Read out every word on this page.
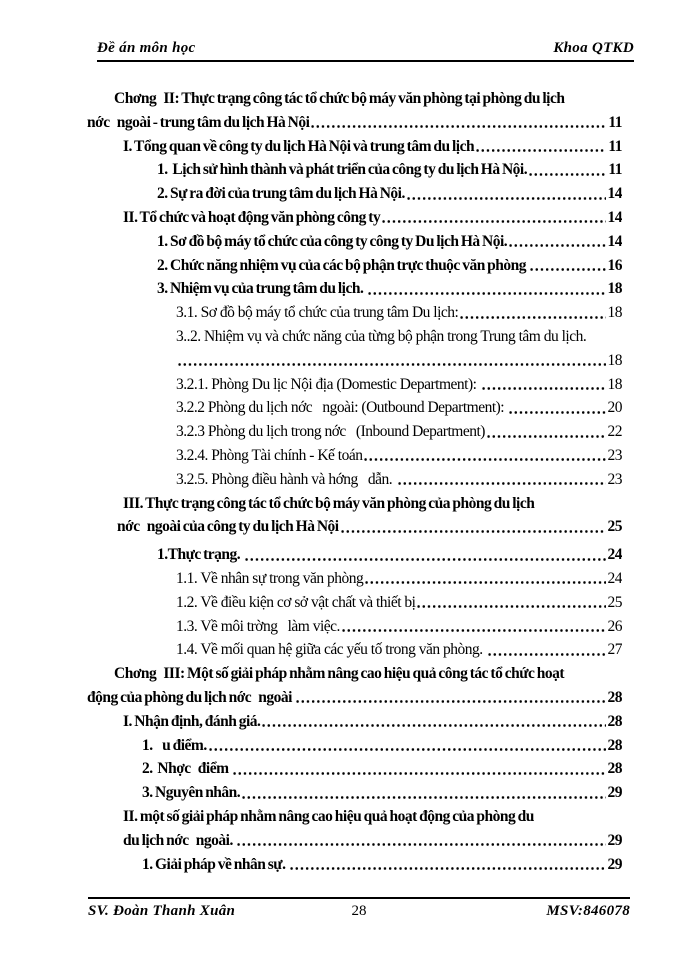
Đề án môn học	Khoa QTKD
Chơng   II: Thực trạng công tác tổ chức bộ máy văn phòng tại phòng du lịch
nớc   ngoài - trung tâm du lịch Hà Nội	11
I. Tổng quan về công ty du lịch Hà Nội và trung tâm du lịch	11
1.  Lịch sử hình thành và phát triển của công ty du lịch Hà Nội.	11
2. Sự ra đời của trung tâm du lịch Hà Nội.	14
II. Tổ chức và hoạt động văn phòng công ty	14
1. Sơ đồ bộ máy tổ chức của công ty công ty Du lịch Hà Nội.	14
2. Chức năng nhiệm vụ của các bộ phận trực thuộc văn phòng	16
3. Nhiệm vụ của trung tâm du lịch.	18
3.1. Sơ đồ bộ máy tổ chức của trung tâm Du lịch:	18
3..2. Nhiệm vụ và chức năng của từng bộ phận trong Trung tâm du lịch.
18
3.2.1. Phòng Du lịc Nội địa (Domestic Department):	18
3.2.2 Phòng du lịch nớc   ngoài: (Outbound Department):	20
3.2.3 Phòng du lịch trong nớc   (Inbound Department)	22
3.2.4. Phòng Tài chính - Kế toán	23
3.2.5. Phòng điều hành và hớng   dẫn.	23
III. Thực trạng công tác tổ chức bộ máy văn phòng của phòng du lịch
nớc   ngoài của công ty du lịch Hà Nội	25
1.Thực trạng.	24
1.1. Về nhân sự trong văn phòng	24
1.2. Về điều kiện cơ sở vật chất và thiết bị	25
1.3. Về môi trờng   làm việc.	26
1.4. Về mối quan hệ giữa các yếu tố trong văn phòng.	27
Chơng   III: Một số giải pháp nhằm nâng cao hiệu quả công tác tổ chức hoạt
động của phòng du lịch nớc   ngoài	28
I. Nhận định, đánh giá.	28
1.    u điểm.	28
2.  Nhợc   điểm	28
3. Nguyên nhân.	29
II. một số giải pháp nhằm nâng cao hiệu quả hoạt động của phòng du
du lịch nớc   ngoài.	29
1. Giải pháp về nhân sự.	29
SV. Đoàn Thanh Xuân	28	MSV:846078
